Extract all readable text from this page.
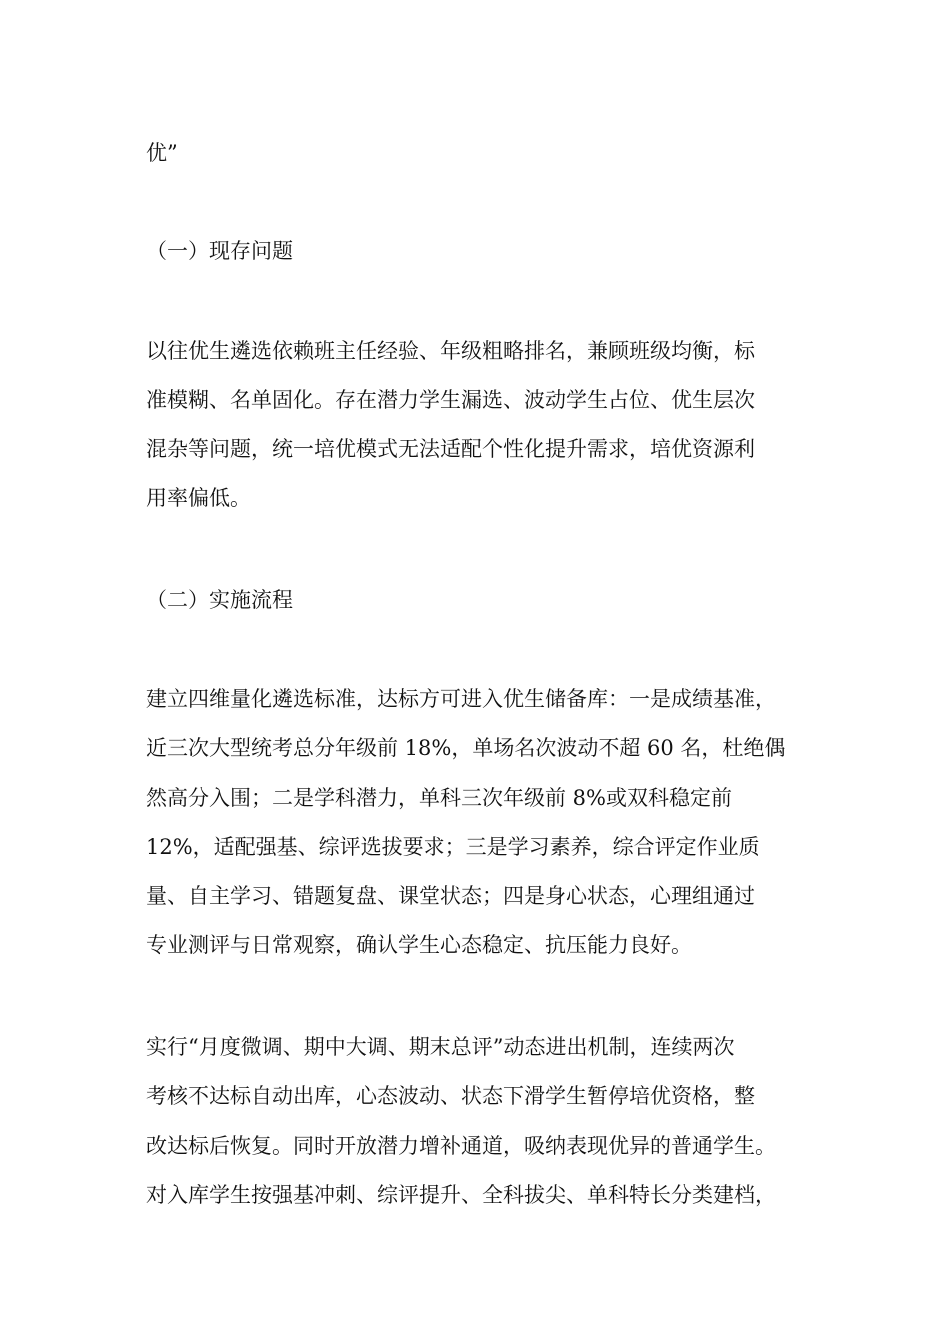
优”

（一）现存问题

以往优生遴选依赖班主任经验、年级粗略排名，兼顾班级均衡，标

准模糊、名单固化。存在潜力学生漏选、波动学生占位、优生层次

混杂等问题，统一培优模式无法适配个性化提升需求，培优资源利

用率偏低。

（二）实施流程

建立四维量化遴选标准，达标方可进入优生储备库：一是成绩基准，

近三次大型统考总分年级前 18%，单场名次波动不超 60 名，杜绝偶

然高分入围；二是学科潜力，单科三次年级前 8%或双科稳定前

12%，适配强基、综评选拔要求；三是学习素养，综合评定作业质

量、自主学习、错题复盘、课堂状态；四是身心状态，心理组通过

专业测评与日常观察，确认学生心态稳定、抗压能力良好。

实行“月度微调、期中大调、期末总评”动态进出机制，连续两次

考核不达标自动出库，心态波动、状态下滑学生暂停培优资格，整

改达标后恢复。同时开放潜力增补通道，吸纳表现优异的普通学生。

对入库学生按强基冲刺、综评提升、全科拔尖、单科特长分类建档，
